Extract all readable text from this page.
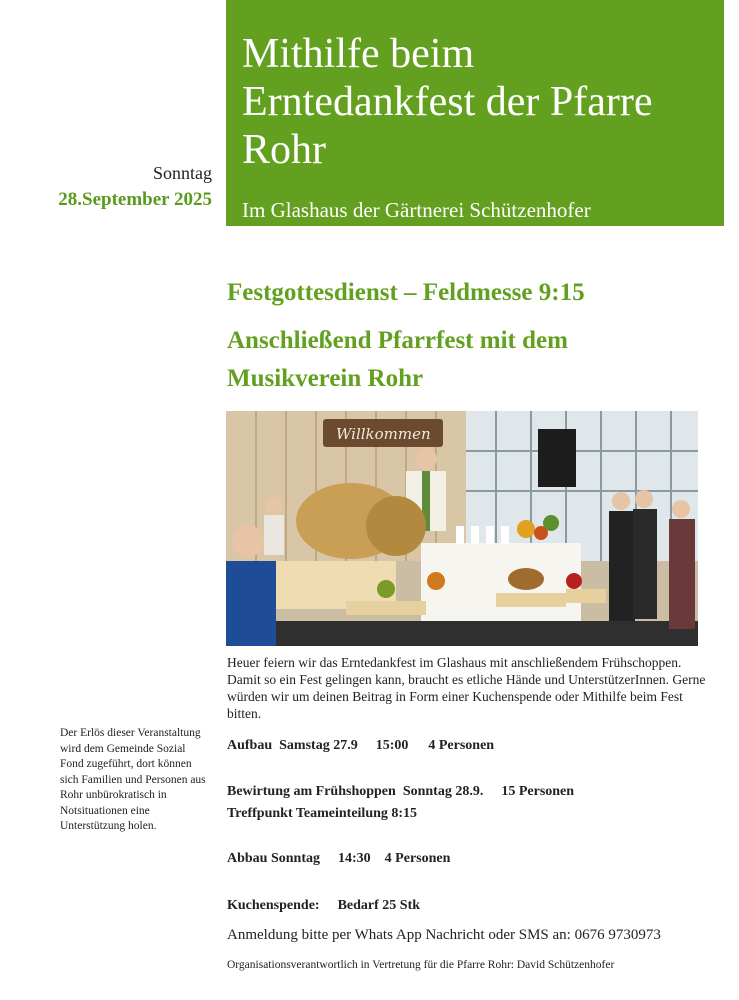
Mithilfe beim Erntedankfest der Pfarre Rohr
Im Glashaus der Gärtnerei Schützenhofer
Sonntag
28.September 2025
Festgottesdienst – Feldmesse 9:15
Anschließend Pfarrfest mit dem Musikverein Rohr
Willkommen
Heuer feiern wir das Erntedankfest im Glashaus mit anschließendem Frühschoppen. Damit so ein Fest gelingen kann, braucht es etliche Hände und UnterstützerInnen. Gerne würden wir um deinen Beitrag in Form einer Kuchenspende oder Mithilfe beim Fest bitten.
Der Erlös dieser Veranstaltung wird dem Gemeinde Sozial Fond zugeführt, dort können sich Familien und Personen aus Rohr unbürokratisch in Notsituationen eine Unterstützung holen.
Aufbau Samstag 27.9 15:00 4 Personen
Bewirtung am Frühshoppen Sonntag 28.9. 15 Personen
Treffpunkt Teameinteilung 8:15
Abbau Sonntag 14:30 4 Personen
Kuchenspende: Bedarf 25 Stk
Anmeldung bitte per Whats App Nachricht oder SMS an: 0676 9730973
Organisationsverantwortlich in Vertretung für die Pfarre Rohr: David Schützenhofer
